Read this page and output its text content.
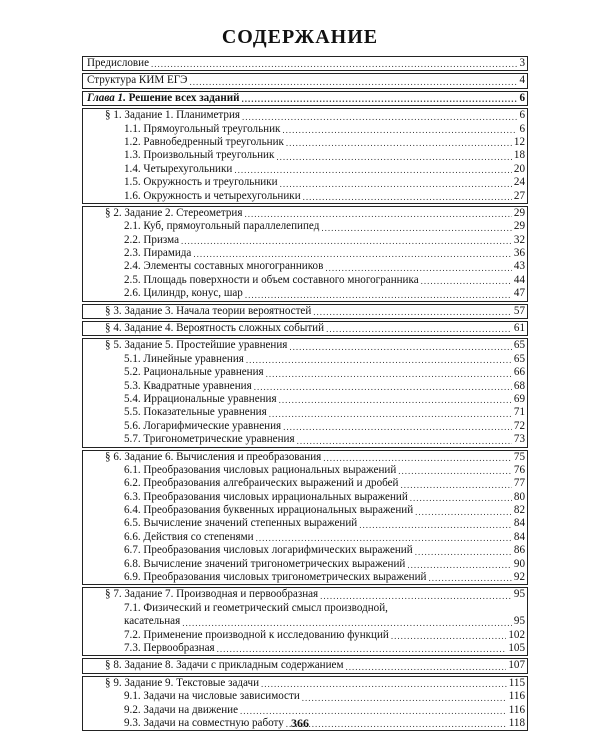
СОДЕРЖАНИЕ
Предисловие .....	3
Структура КИМ ЕГЭ .....	4
Глава 1. Решение всех заданий .....	6
§ 1. Задание 1. Планиметрия .....	6
1.1. Прямоугольный треугольник .....	6
1.2. Равнобедренный треугольник .....	12
1.3. Произвольный треугольник .....	18
1.4. Четырехугольники .....	20
1.5. Окружность и треугольники .....	24
1.6. Окружность и четырехугольники .....	27
§ 2. Задание 2. Стереометрия .....	29
2.1. Куб, прямоугольный параллелепипед .....	29
2.2. Призма .....	32
2.3. Пирамида .....	36
2.4. Элементы составных многогранников .....	43
2.5. Площадь поверхности и объем составного многогранника .....	44
2.6. Цилиндр, конус, шар .....	47
§ 3. Задание 3. Начала теории вероятностей .....	57
§ 4. Задание 4. Вероятность сложных событий .....	61
§ 5. Задание 5. Простейшие уравнения .....	65
5.1. Линейные уравнения .....	65
5.2. Рациональные уравнения .....	66
5.3. Квадратные уравнения .....	68
5.4. Иррациональные уравнения .....	69
5.5. Показательные уравнения .....	71
5.6. Логарифмические уравнения .....	72
5.7. Тригонометрические уравнения .....	73
§ 6. Задание 6. Вычисления и преобразования .....	75
6.1. Преобразования числовых рациональных выражений .....	76
6.2. Преобразования алгебраических выражений и дробей .....	77
6.3. Преобразования числовых иррациональных выражений .....	80
6.4. Преобразования буквенных иррациональных выражений .....	82
6.5. Вычисление значений степенных выражений .....	84
6.6. Действия со степенями .....	84
6.7. Преобразования числовых логарифмических выражений .....	86
6.8. Вычисление значений тригонометрических выражений .....	90
6.9. Преобразования числовых тригонометрических выражений .....	92
§ 7. Задание 7. Производная и первообразная .....	95
7.1. Физический и геометрический смысл производной,
касательная .....	95
7.2. Применение производной к исследованию функций .....	102
7.3. Первообразная .....	105
§ 8. Задание 8. Задачи с прикладным содержанием .....	107
§ 9. Задание 9. Текстовые задачи .....	115
9.1. Задачи на числовые зависимости .....	116
9.2. Задачи на движение .....	116
9.3. Задачи на совместную работу .....	118
366
